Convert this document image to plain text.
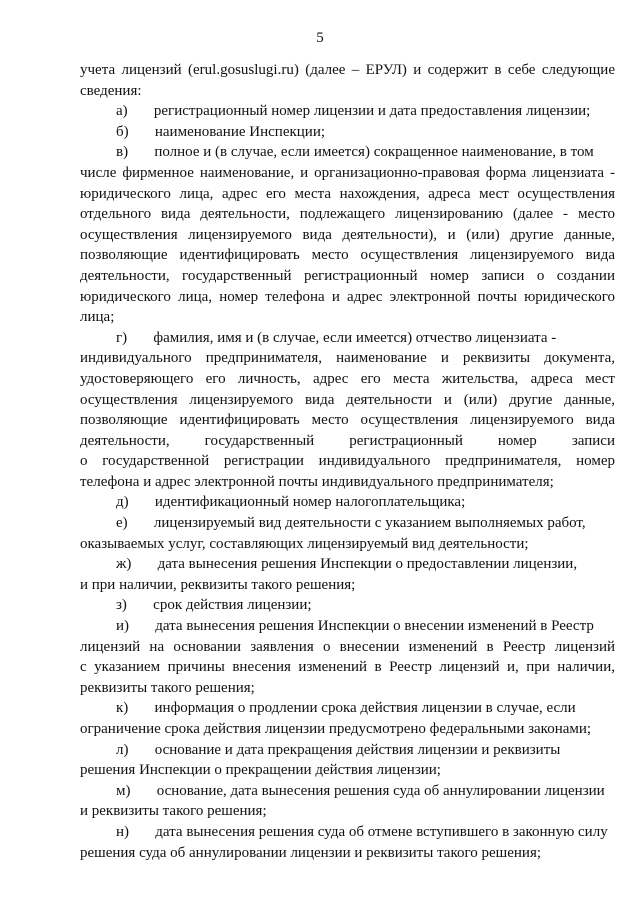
5
учета лицензий (erul.gosuslugi.ru) (далее – ЕРУЛ) и содержит в себе следующие
сведения:
а)       регистрационный номер лицензии и дата предоставления лицензии;
б)       наименование Инспекции;
в)       полное и (в случае, если имеется) сокращенное наименование, в том
числе фирменное наименование, и организационно-правовая форма лицензиата -
юридического лица, адрес его места нахождения, адреса мест осуществления
отдельного вида деятельности, подлежащего лицензированию (далее - место
осуществления лицензируемого вида деятельности), и (или) другие данные,
позволяющие идентифицировать место осуществления лицензируемого вида
деятельности, государственный регистрационный номер записи о создании
юридического лица, номер телефона и адрес электронной почты юридического
лица;
г)       фамилия, имя и (в случае, если имеется) отчество лицензиата -
индивидуального предпринимателя, наименование и реквизиты документа,
удостоверяющего его личность, адрес его места жительства, адреса мест
осуществления лицензируемого вида деятельности и (или) другие данные,
позволяющие идентифицировать место осуществления лицензируемого вида
деятельности, государственный регистрационный номер записи
о государственной регистрации индивидуального предпринимателя, номер
телефона и адрес электронной почты индивидуального предпринимателя;
д)       идентификационный номер налогоплательщика;
е)       лицензируемый вид деятельности с указанием выполняемых работ,
оказываемых услуг, составляющих лицензируемый вид деятельности;
ж)       дата вынесения решения Инспекции о предоставлении лицензии,
и при наличии, реквизиты такого решения;
з)       срок действия лицензии;
и)       дата вынесения решения Инспекции о внесении изменений в Реестр
лицензий на основании заявления о внесении изменений в Реестр лицензий
с указанием причины внесения изменений в Реестр лицензий и, при наличии,
реквизиты такого решения;
к)       информация о продлении срока действия лицензии в случае, если
ограничение срока действия лицензии предусмотрено федеральными законами;
л)       основание и дата прекращения действия лицензии и реквизиты
решения Инспекции о прекращении действия лицензии;
м)       основание, дата вынесения решения суда об аннулировании лицензии
и реквизиты такого решения;
н)       дата вынесения решения суда об отмене вступившего в законную силу
решения суда об аннулировании лицензии и реквизиты такого решения;
